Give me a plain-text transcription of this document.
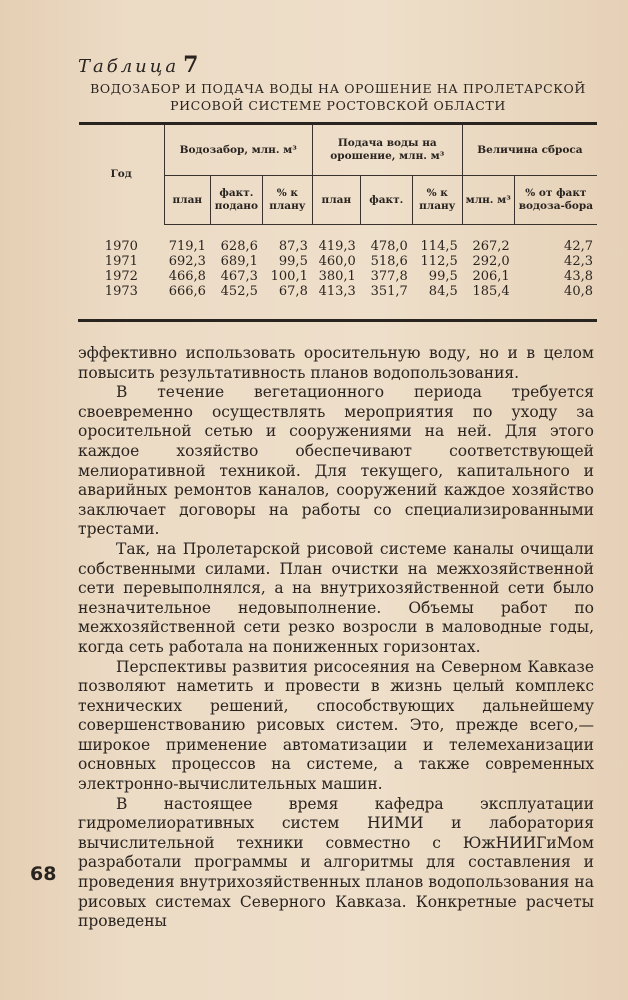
Таблица 7
ВОДОЗАБОР И ПОДАЧА ВОДЫ НА ОРОШЕНИЕ НА ПРОЛЕТАРСКОЙ
РИСОВОЙ СИСТЕМЕ РОСТОВСКОЙ ОБЛАСТИ
Год	Водозабор, млн. м³			Подача воды на орошение, млн. м³			Величина сброса	
	план	факт. подано	% к плану	план	факт.	% к плану	млн. м³	% от факт водоза-бора

1970	719,1	628,6	87,3	419,3	478,0	114,5	267,2	42,7
1971	692,3	689,1	99,5	460,0	518,6	112,5	292,0	42,3
1972	466,8	467,3	100,1	380,1	377,8	99,5	206,1	43,8
1973	666,6	452,5	67,8	413,3	351,7	84,5	185,4	40,8

эффективно использовать оросительную воду, но и в целом повысить результативность планов водопользования.

В течение вегетационного периода требуется своевременно осуществлять мероприятия по уходу за оросительной сетью и сооружениями на ней. Для этого каждое хозяйство обеспечивают соответствующей мелиоративной техникой. Для текущего, капитального и аварийных ремонтов каналов, сооружений каждое хозяйство заключает договоры на работы со специализированными трестами.

Так, на Пролетарской рисовой системе каналы очищали собственными силами. План очистки на межхозяйственной сети перевыполнялся, а на внутрихозяйственной сети было незначительное недовыполнение. Объемы работ по межхозяйственной сети резко возросли в маловодные годы, когда сеть работала на пониженных горизонтах.

Перспективы развития рисосеяния на Северном Кавказе позволяют наметить и провести в жизнь целый комплекс технических решений, способствующих дальнейшему совершенствованию рисовых систем. Это, прежде всего,— широкое применение автоматизации и телемеханизации основных процессов на системе, а также современных электронно-вычислительных машин.

В настоящее время кафедра эксплуатации гидромелиоративных систем НИМИ и лаборатория вычислительной техники совместно с ЮжНИИГиМом разработали программы и алгоритмы для составления и проведения внутрихозяйственных планов водопользования на рисовых системах Северного Кавказа. Конкретные расчеты проведены

68
